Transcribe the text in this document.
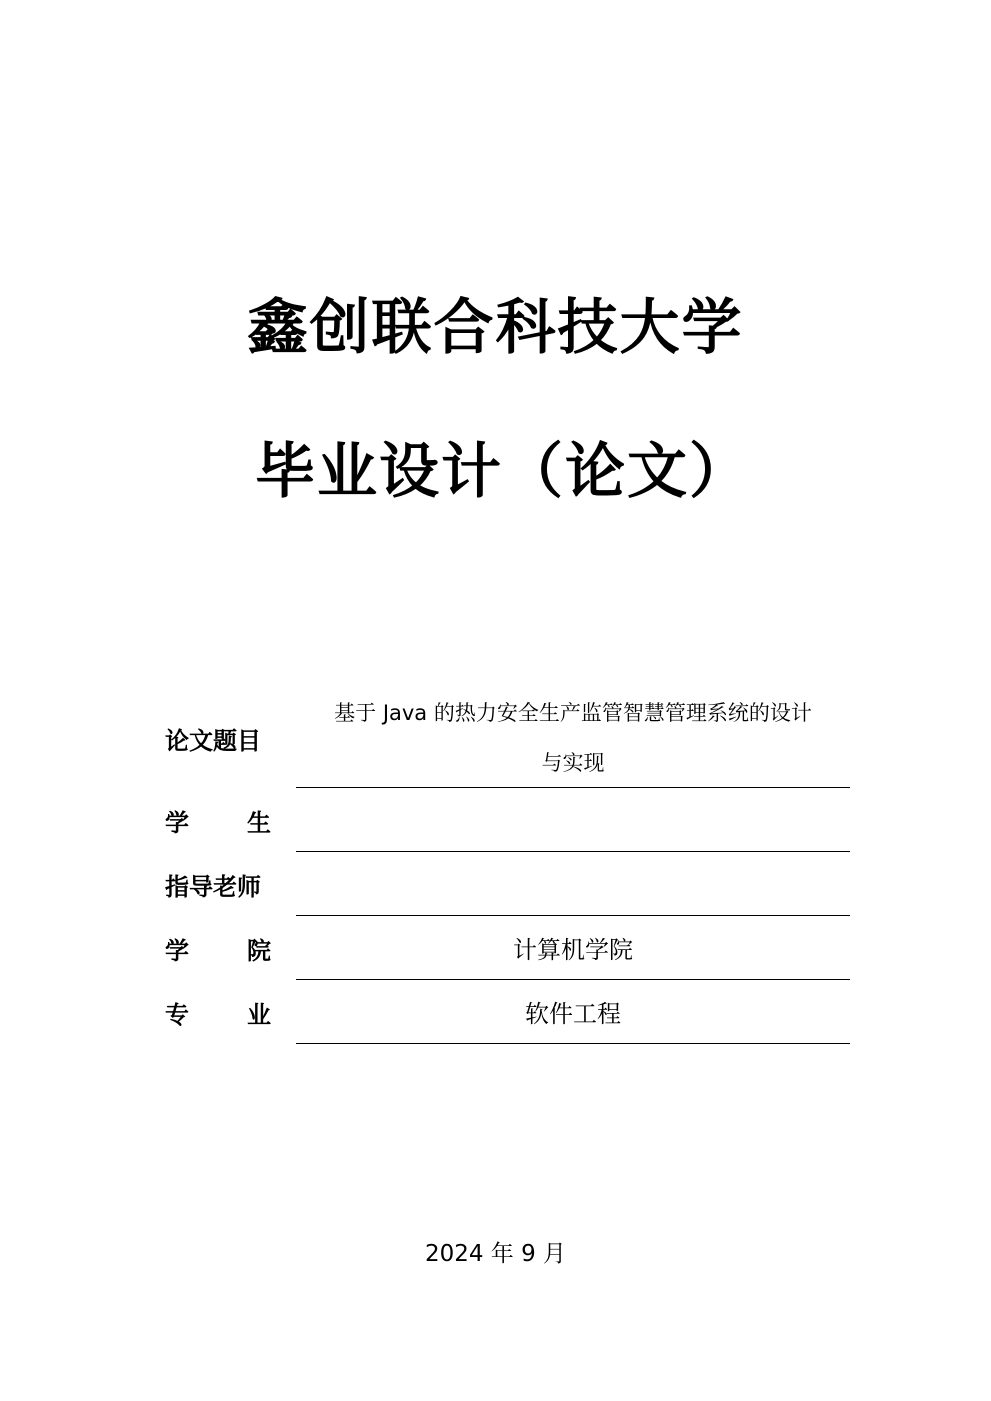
鑫创联合科技大学
毕业设计（论文）
论文题目
基于 Java 的热力安全生产监管智慧管理系统的设计
与实现
学 生
指导老师
学 院	计算机学院
专 业	软件工程
2024 年 9 月
